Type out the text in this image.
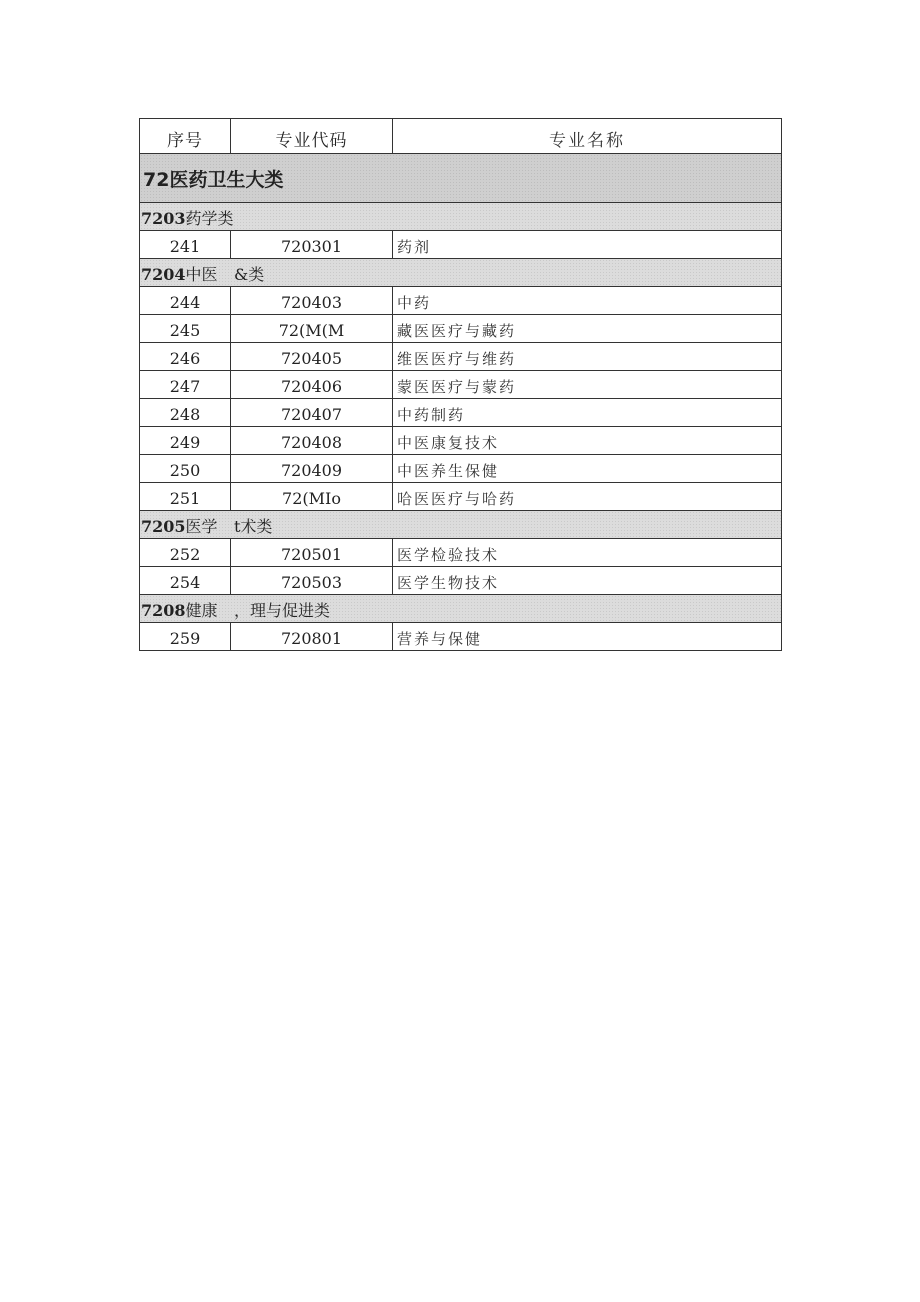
序号	专业代码	专业名称
72医药卫生大类
7203 药学类
241	720301	药剂
7204 中医 &类
244	720403	中药
245	72(M(M	藏医医疗与藏药
246	720405	维医医疗与维药
247	720406	蒙医医疗与蒙药
248	720407	中药制药
249	720408	中医康复技术
250	720409	中医养生保健
251	72(MIo	哈医医疗与哈药
7205 医学 t术类
252	720501	医学检验技术
254	720503	医学生物技术
7208 健康 ，理与促进类
259	720801	营养与保健
